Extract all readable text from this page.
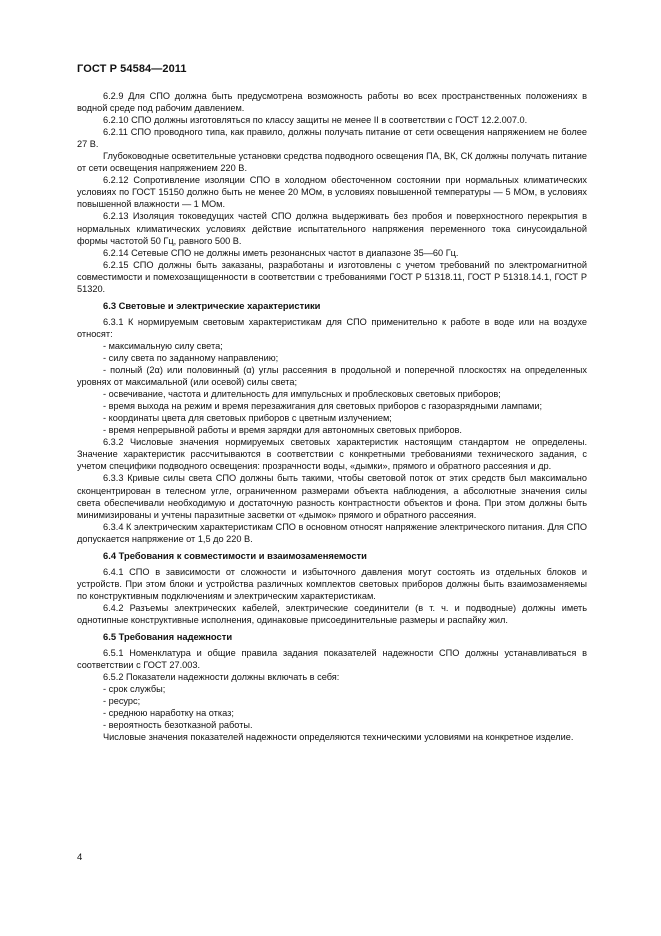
ГОСТ Р 54584—2011
6.2.9 Для СПО должна быть предусмотрена возможность работы во всех пространственных положениях в водной среде под рабочим давлением.
6.2.10 СПО должны изготовляться по классу защиты не менее II в соответствии с ГОСТ 12.2.007.0.
6.2.11 СПО проводного типа, как правило, должны получать питание от сети освещения напряжением не более 27 В.
Глубоководные осветительные установки средства подводного освещения ПА, ВК, СК должны получать питание от сети освещения напряжением 220 В.
6.2.12 Сопротивление изоляции СПО в холодном обесточенном состоянии при нормальных климатических условиях по ГОСТ 15150 должно быть не менее 20 МОм, в условиях повышенной температуры — 5 МОм, в условиях повышенной влажности — 1 МОм.
6.2.13 Изоляция токоведущих частей СПО должна выдерживать без пробоя и поверхностного перекрытия в нормальных климатических условиях действие испытательного напряжения переменного тока синусоидальной формы частотой 50 Гц, равного 500 В.
6.2.14 Сетевые СПО не должны иметь резонансных частот в диапазоне 35—60 Гц.
6.2.15 СПО должны быть заказаны, разработаны и изготовлены с учетом требований по электромагнитной совместимости и помехозащищенности в соответствии с требованиями ГОСТ Р 51318.11, ГОСТ Р 51318.14.1, ГОСТ Р 51320.
6.3 Световые и электрические характеристики
6.3.1 К нормируемым световым характеристикам для СПО применительно к работе в воде или на воздухе относят:
- максимальную силу света;
- силу света по заданному направлению;
- полный (2α) или половинный (α) углы рассеяния в продольной и поперечной плоскостях на определенных уровнях от максимальной (или осевой) силы света;
- освечивание, частота и длительность для импульсных и проблесковых световых приборов;
- время выхода на режим и время перезажигания для световых приборов с газоразрядными лампами;
- координаты цвета для световых приборов с цветным излучением;
- время непрерывной работы и время зарядки для автономных световых приборов.
6.3.2 Числовые значения нормируемых световых характеристик настоящим стандартом не определены. Значение характеристик рассчитываются в соответствии с конкретными требованиями технического задания, с учетом специфики подводного освещения: прозрачности воды, «дымки», прямого и обратного рассеяния и др.
6.3.3 Кривые силы света СПО должны быть такими, чтобы световой поток от этих средств был максимально сконцентрирован в телесном угле, ограниченном размерами объекта наблюдения, а абсолютные значения силы света обеспечивали необходимую и достаточную разность контрастности объектов и фона. При этом должны быть минимизированы и учтены паразитные засветки от «дымок» прямого и обратного рассеяния.
6.3.4 К электрическим характеристикам СПО в основном относят напряжение электрического питания. Для СПО допускается напряжение от 1,5 до 220 В.
6.4 Требования к совместимости и взаимозаменяемости
6.4.1 СПО в зависимости от сложности и избыточного давления могут состоять из отдельных блоков и устройств. При этом блоки и устройства различных комплектов световых приборов должны быть взаимозаменяемы по конструктивным подключениям и электрическим характеристикам.
6.4.2 Разъемы электрических кабелей, электрические соединители (в т. ч. и подводные) должны иметь однотипные конструктивные исполнения, одинаковые присоединительные размеры и распайку жил.
6.5 Требования надежности
6.5.1 Номенклатура и общие правила задания показателей надежности СПО должны устанавливаться в соответствии с ГОСТ 27.003.
6.5.2 Показатели надежности должны включать в себя:
- срок службы;
- ресурс;
- среднюю наработку на отказ;
- вероятность безотказной работы.
Числовые значения показателей надежности определяются техническими условиями на конкретное изделие.
4
